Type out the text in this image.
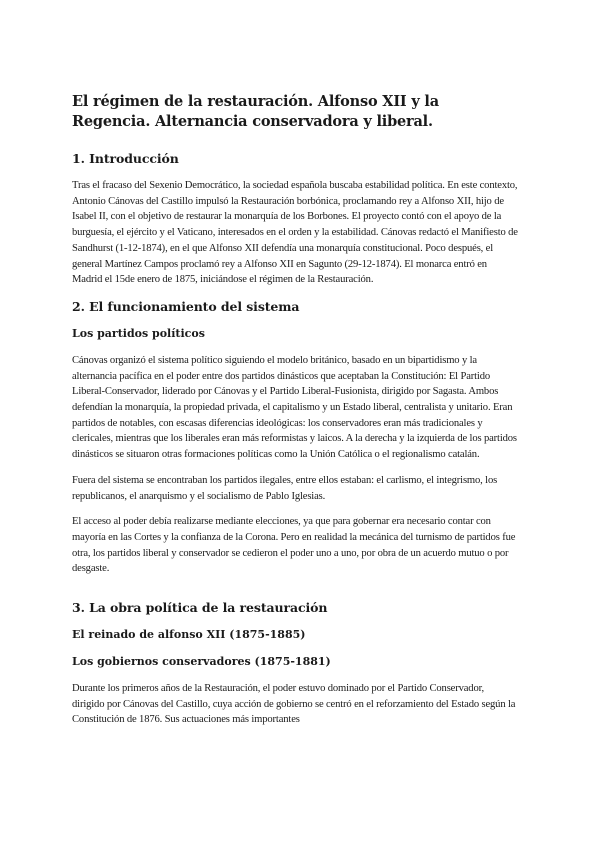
El régimen de la restauración. Alfonso XII y la Regencia. Alternancia conservadora y liberal.
1. Introducción

Tras el fracaso del Sexenio Democrático, la sociedad española buscaba estabilidad política. En este contexto, Antonio Cánovas del Castillo impulsó la Restauración borbónica, proclamando rey a Alfonso XII, hijo de Isabel II, con el objetivo de restaurar la monarquía de los Borbones. El proyecto contó con el apoyo de la burguesía, el ejército y el Vaticano, interesados en el orden y la estabilidad. Cánovas redactó el Manifiesto de Sandhurst (1-12-1874), en el que Alfonso XII defendía una monarquía constitucional. Poco después, el general Martínez Campos proclamó rey a Alfonso XII en Sagunto (29-12-1874). El monarca entró en Madrid el 15de enero de 1875, iniciándose el régimen de la Restauración.

2. El funcionamiento del sistema
Los partidos políticos

Cánovas organizó el sistema político siguiendo el modelo británico, basado en un bipartidismo y la alternancia pacífica en el poder entre dos partidos dinásticos que aceptaban la Constitución: El Partido Liberal-Conservador, liderado por Cánovas y el Partido Liberal-Fusionista, dirigido por Sagasta. Ambos defendían la monarquía, la propiedad privada, el capitalismo y un Estado liberal, centralista y unitario. Eran partidos de notables, con escasas diferencias ideológicas: los conservadores eran más tradicionales y clericales, mientras que los liberales eran más reformistas y laicos. A la derecha y la izquierda de los partidos dinásticos se situaron otras formaciones políticas como la Unión Católica o el regionalismo catalán.

Fuera del sistema se encontraban los partidos ilegales, entre ellos estaban: el carlismo, el integrismo, los republicanos, el anarquismo y el socialismo de Pablo Iglesias.

El acceso al poder debía realizarse mediante elecciones, ya que para gobernar era necesario contar con mayoría en las Cortes y la confianza de la Corona. Pero en realidad la mecánica del turnismo de partidos fue otra, los partidos liberal y conservador se cedieron el poder uno a uno, por obra de un acuerdo mutuo o por desgaste.

3. La obra política de la restauración
El reinado de alfonso XII (1875-1885)
Los gobiernos conservadores (1875-1881)

Durante los primeros años de la Restauración, el poder estuvo dominado por el Partido Conservador, dirigido por Cánovas del Castillo, cuya acción de gobierno se centró en el reforzamiento del Estado según la Constitución de 1876. Sus actuaciones más importantes
